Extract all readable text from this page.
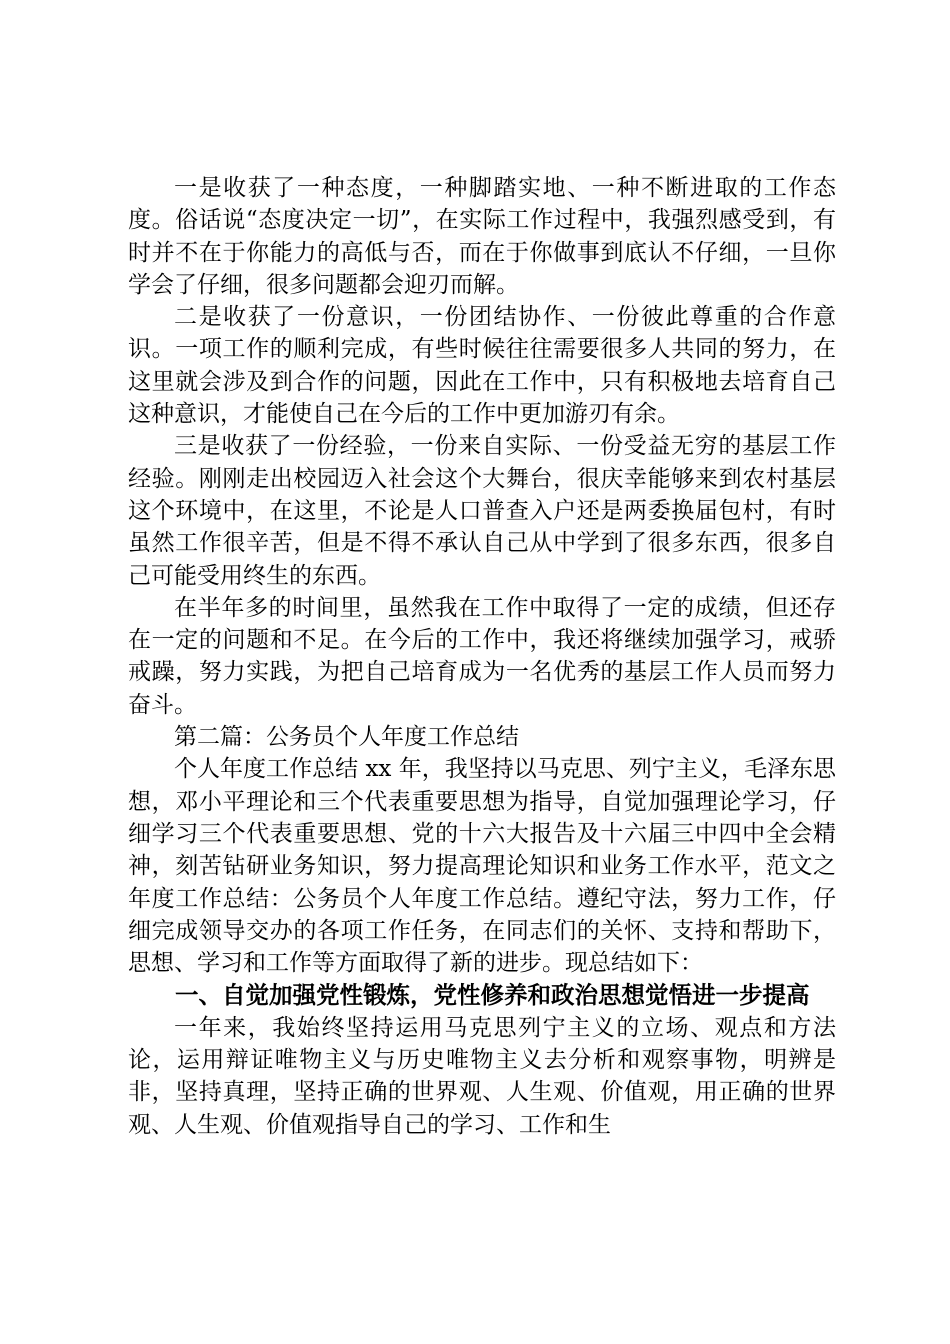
一是收获了一种态度，一种脚踏实地、一种不断进取的工作态度。俗话说“态度决定一切”，在实际工作过程中，我强烈感受到，有时并不在于你能力的高低与否，而在于你做事到底认不仔细，一旦你学会了仔细，很多问题都会迎刃而解。

二是收获了一份意识，一份团结协作、一份彼此尊重的合作意识。一项工作的顺利完成，有些时候往往需要很多人共同的努力，在这里就会涉及到合作的问题，因此在工作中，只有积极地去培育自己这种意识，才能使自己在今后的工作中更加游刃有余。

三是收获了一份经验，一份来自实际、一份受益无穷的基层工作经验。刚刚走出校园迈入社会这个大舞台，很庆幸能够来到农村基层这个环境中，在这里，不论是人口普查入户还是两委换届包村，有时虽然工作很辛苦，但是不得不承认自己从中学到了很多东西，很多自己可能受用终生的东西。

在半年多的时间里，虽然我在工作中取得了一定的成绩，但还存在一定的问题和不足。在今后的工作中，我还将继续加强学习，戒骄戒躁，努力实践，为把自己培育成为一名优秀的基层工作人员而努力奋斗。

第二篇：公务员个人年度工作总结

个人年度工作总结 xx 年，我坚持以马克思、列宁主义，毛泽东思想，邓小平理论和三个代表重要思想为指导，自觉加强理论学习，仔细学习三个代表重要思想、党的十六大报告及十六届三中四中全会精神，刻苦钻研业务知识，努力提高理论知识和业务工作水平，范文之年度工作总结：公务员个人年度工作总结。遵纪守法，努力工作，仔细完成领导交办的各项工作任务，在同志们的关怀、支持和帮助下，思想、学习和工作等方面取得了新的进步。现总结如下：

一、自觉加强党性锻炼，党性修养和政治思想觉悟进一步提高

一年来，我始终坚持运用马克思列宁主义的立场、观点和方法论，运用辩证唯物主义与历史唯物主义去分析和观察事物，明辨是非，坚持真理，坚持正确的世界观、人生观、价值观，用正确的世界观、人生观、价值观指导自己的学习、工作和生
